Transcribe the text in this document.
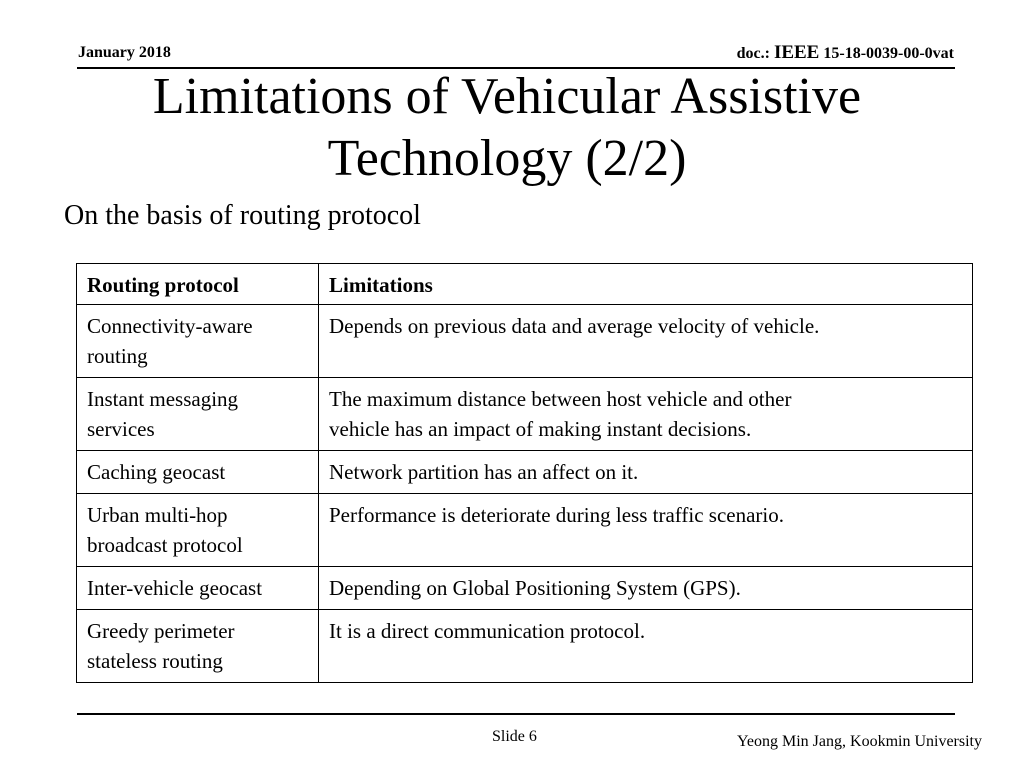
January 2018	doc.: IEEE 15-18-0039-00-0vat
Limitations of Vehicular Assistive
Technology (2/2)
On the basis of routing protocol
Routing protocol	Limitations
Connectivity-aware
routing	Depends on previous data and average velocity of vehicle.
Instant messaging
services	The maximum distance between host vehicle and other
vehicle has an impact of making instant decisions.
Caching geocast	Network partition has an affect on it.
Urban multi-hop
broadcast protocol	Performance is deteriorate during less traffic scenario.
Inter-vehicle geocast	Depending on Global Positioning System (GPS).
Greedy perimeter
stateless routing	It is a direct communication protocol.
Slide 6	Yeong Min Jang, Kookmin University
